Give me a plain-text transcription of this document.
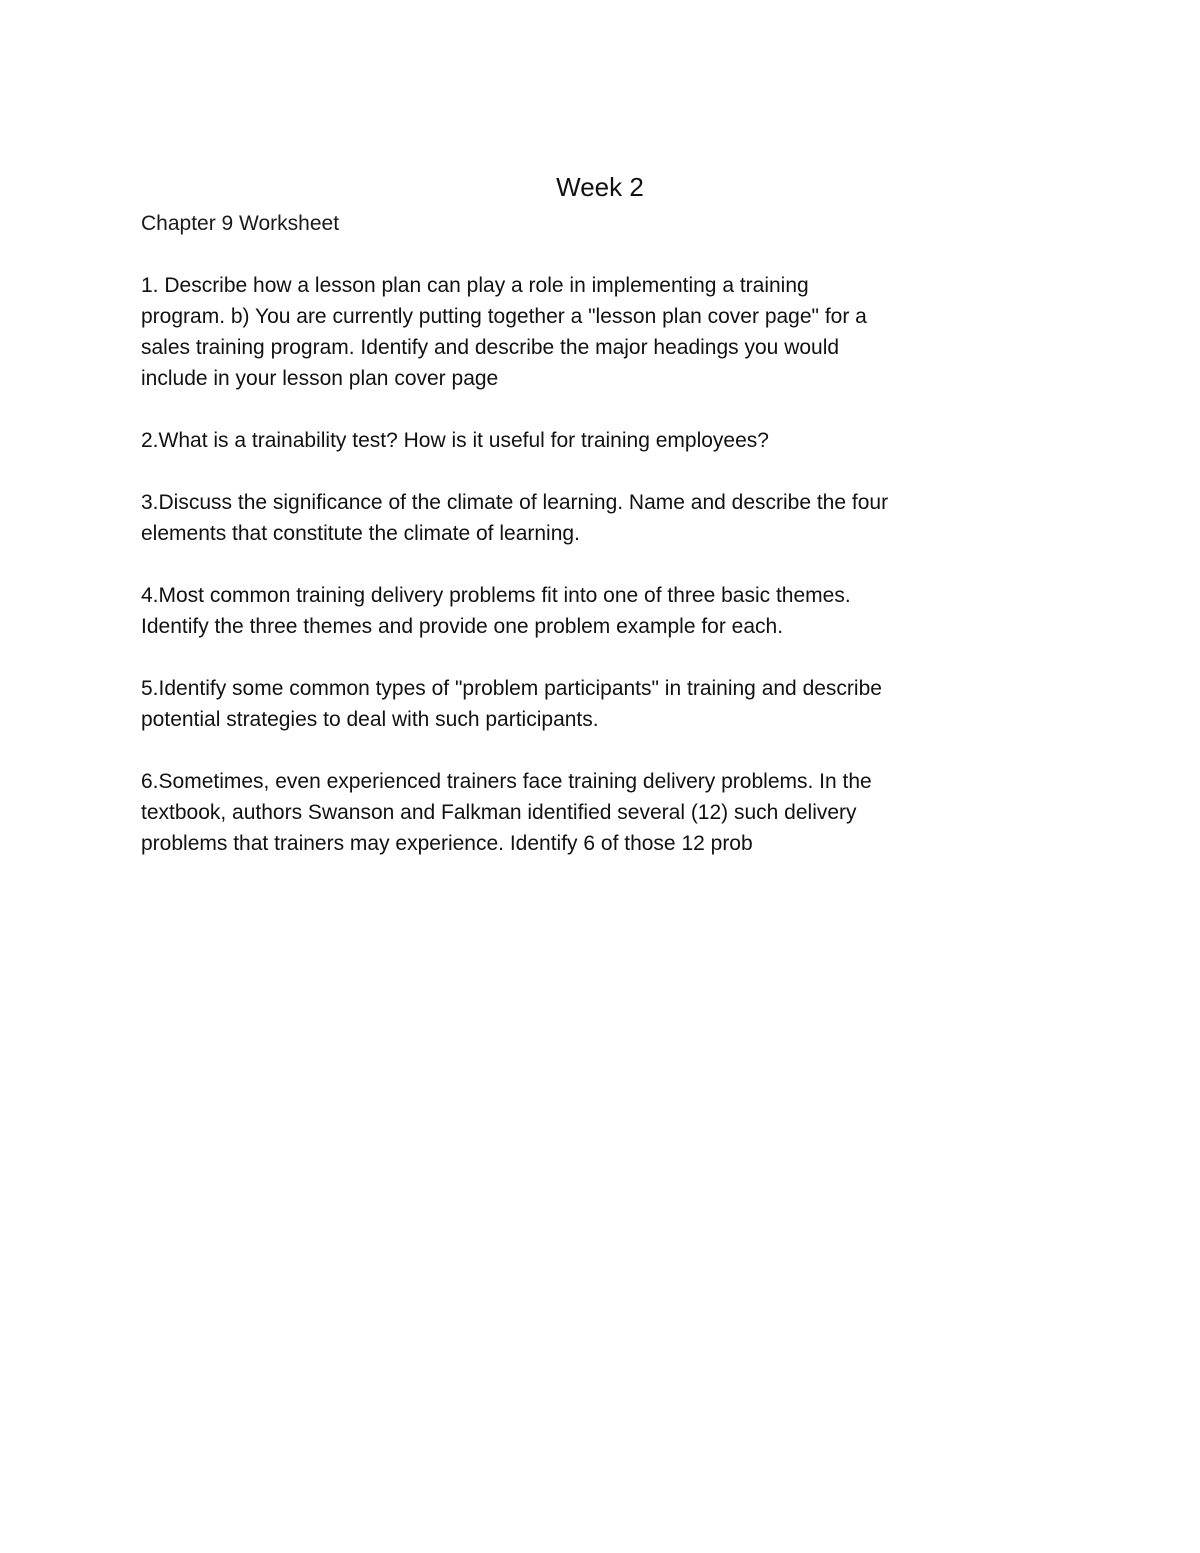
Week 2
Chapter 9 Worksheet
1. Describe how a lesson plan can play a role in implementing a training
program. b) You are currently putting together a "lesson plan cover page" for a
sales training program. Identify and describe the major headings you would
include in your lesson plan cover page
2.What is a trainability test? How is it useful for training employees?
3.Discuss the significance of the climate of learning. Name and describe the four
elements that constitute the climate of learning.
4.Most common training delivery problems fit into one of three basic themes.
Identify the three themes and provide one problem example for each.
5.Identify some common types of "problem participants" in training and describe
potential strategies to deal with such participants.
6.Sometimes, even experienced trainers face training delivery problems. In the
textbook, authors Swanson and Falkman identified several (12) such delivery
problems that trainers may experience. Identify 6 of those 12 prob
